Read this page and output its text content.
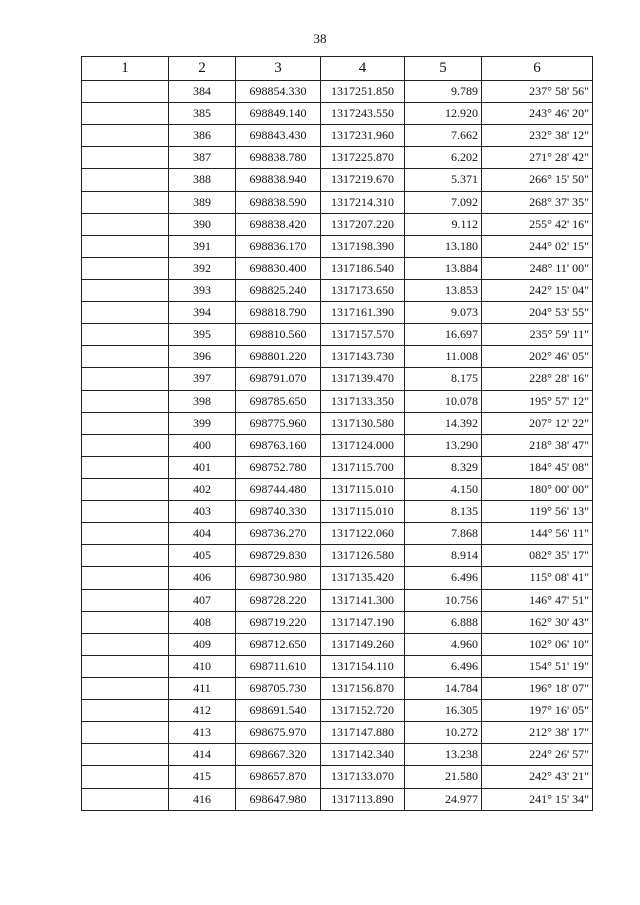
38
1	2	3	4	5	6
	384	698854.330	1317251.850	9.789	237° 58' 56"
	385	698849.140	1317243.550	12.920	243° 46' 20"
	386	698843.430	1317231.960	7.662	232° 38' 12"
	387	698838.780	1317225.870	6.202	271° 28' 42"
	388	698838.940	1317219.670	5.371	266° 15' 50"
	389	698838.590	1317214.310	7.092	268° 37' 35"
	390	698838.420	1317207.220	9.112	255° 42' 16"
	391	698836.170	1317198.390	13.180	244° 02' 15"
	392	698830.400	1317186.540	13.884	248° 11' 00"
	393	698825.240	1317173.650	13.853	242° 15' 04"
	394	698818.790	1317161.390	9.073	204° 53' 55"
	395	698810.560	1317157.570	16.697	235° 59' 11"
	396	698801.220	1317143.730	11.008	202° 46' 05"
	397	698791.070	1317139.470	8.175	228° 28' 16"
	398	698785.650	1317133.350	10.078	195° 57' 12"
	399	698775.960	1317130.580	14.392	207° 12' 22"
	400	698763.160	1317124.000	13.290	218° 38' 47"
	401	698752.780	1317115.700	8.329	184° 45' 08"
	402	698744.480	1317115.010	4.150	180° 00' 00"
	403	698740.330	1317115.010	8.135	119° 56' 13"
	404	698736.270	1317122.060	7.868	144° 56' 11"
	405	698729.830	1317126.580	8.914	082° 35' 17"
	406	698730.980	1317135.420	6.496	115° 08' 41"
	407	698728.220	1317141.300	10.756	146° 47' 51"
	408	698719.220	1317147.190	6.888	162° 30' 43"
	409	698712.650	1317149.260	4.960	102° 06' 10"
	410	698711.610	1317154.110	6.496	154° 51' 19"
	411	698705.730	1317156.870	14.784	196° 18' 07"
	412	698691.540	1317152.720	16.305	197° 16' 05"
	413	698675.970	1317147.880	10.272	212° 38' 17"
	414	698667.320	1317142.340	13.238	224° 26' 57"
	415	698657.870	1317133.070	21.580	242° 43' 21"
	416	698647.980	1317113.890	24.977	241° 15' 34"
